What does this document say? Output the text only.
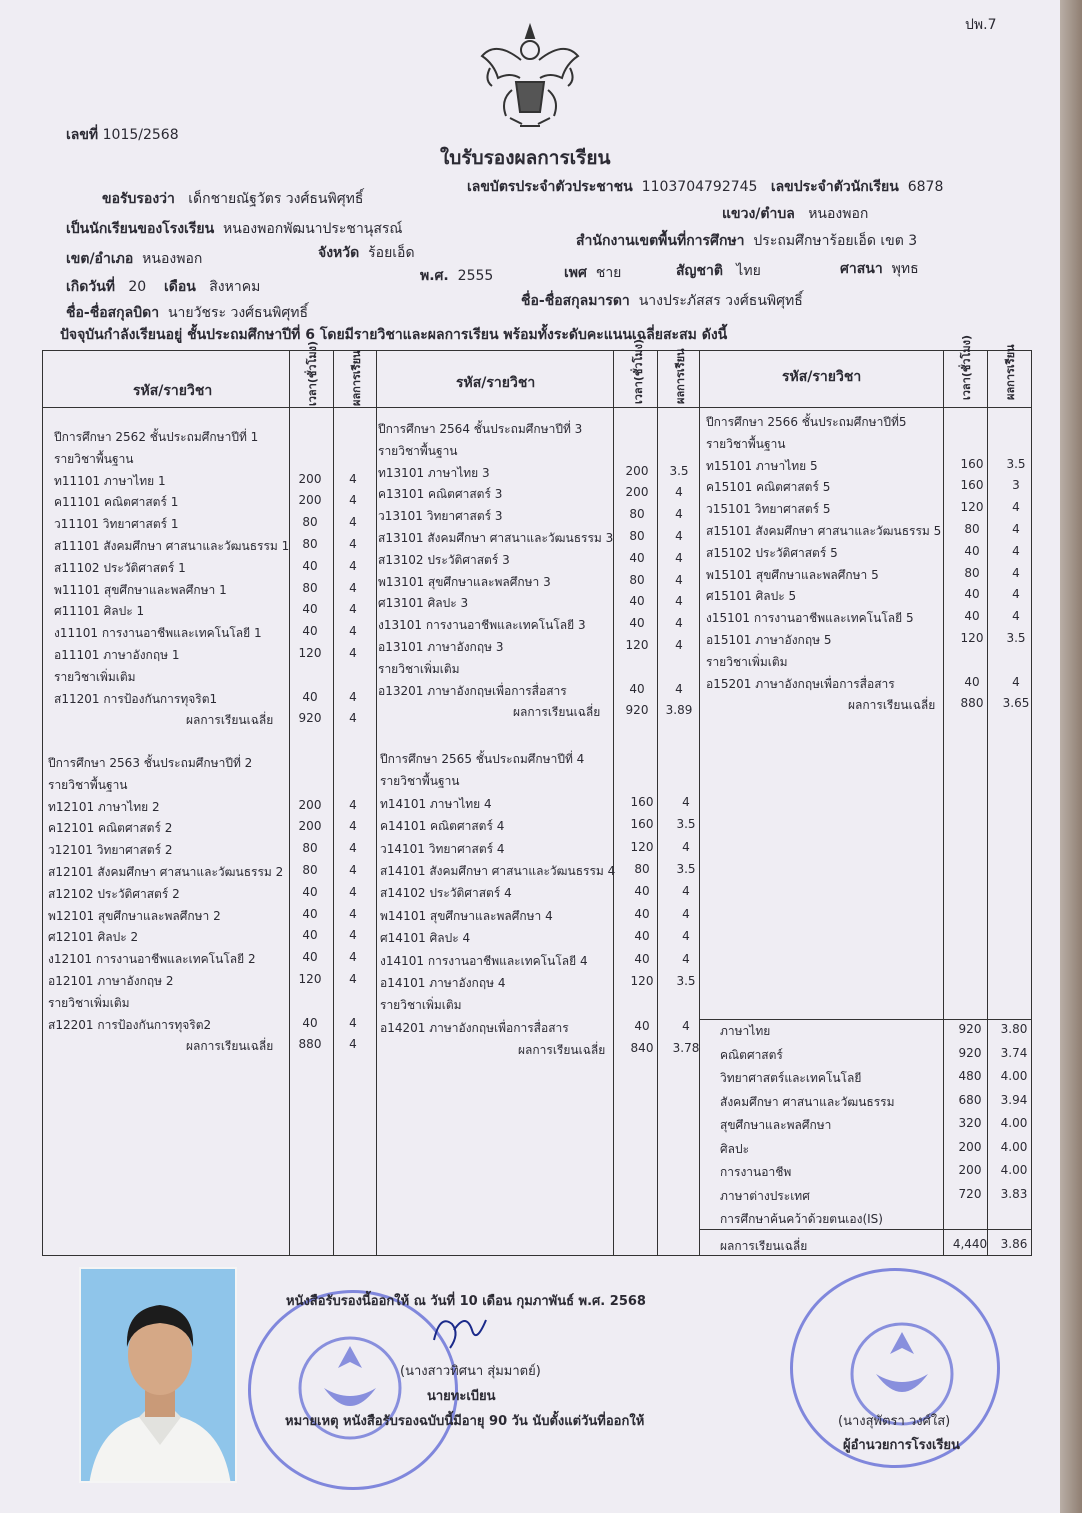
ปพ.7
เลขที่ 1015/2568
ใบรับรองผลการเรียน
ขอรับรองว่า เด็กชายณัฐวัตร วงศ์ธนพิศุทธิ์
เลขบัตรประจำตัวประชาชน 1103704792745 เลขประจำตัวนักเรียน 6878
เป็นนักเรียนของโรงเรียน หนองพอกพัฒนาประชานุสรณ์
แขวง/ตำบล หนองพอก
เขต/อำเภอ หนองพอก	จังหวัด ร้อยเอ็ด
สำนักงานเขตพื้นที่การศึกษา ประถมศึกษาร้อยเอ็ด เขต 3
เกิดวันที่ 20 เดือน สิงหาคม
พ.ศ. 2555	เพศ ชาย	สัญชาติ ไทย	ศาสนา พุทธ
ชื่อ-ชื่อสกุลบิดา นายวัชระ วงศ์ธนพิศุทธิ์
ชื่อ-ชื่อสกุลมารดา นางประภัสสร วงศ์ธนพิศุทธิ์
ปัจจุบันกำลังเรียนอยู่ ชั้นประถมศึกษาปีที่ 6 โดยมีรายวิชาและผลการเรียน พร้อมทั้งระดับคะแนนเฉลี่ยสะสม ดังนี้
รหัส/รายวิชา	เวลา(ชั่วโมง)	ผลการเรียน	รหัส/รายวิชา	เวลา(ชั่วโมง)	ผลการเรียน	รหัส/รายวิชา	เวลา(ชั่วโมง)	ผลการเรียน
ปีการศึกษา 2562 ชั้นประถมศึกษาปีที่ 1
รายวิชาพื้นฐาน
ท11101 ภาษาไทย 1	200	4
ค11101 คณิตศาสตร์ 1	200	4
ว11101 วิทยาศาสตร์ 1	80	4
ส11101 สังคมศึกษา ศาสนาและวัฒนธรรม 1	80	4
ส11102 ประวัติศาสตร์ 1	40	4
พ11101 สุขศึกษาและพลศึกษา 1	80	4
ศ11101 ศิลปะ 1	40	4
ง11101 การงานอาชีพและเทคโนโลยี 1	40	4
อ11101 ภาษาอังกฤษ 1	120	4
รายวิชาเพิ่มเติม
ส11201 การป้องกันการทุจริต1	40	4
ผลการเรียนเฉลี่ย	920	4
ปีการศึกษา 2564 ชั้นประถมศึกษาปีที่ 3
รายวิชาพื้นฐาน
ท13101 ภาษาไทย 3	200	3.5
ค13101 คณิตศาสตร์ 3	200	4
ว13101 วิทยาศาสตร์ 3	80	4
ส13101 สังคมศึกษา ศาสนาและวัฒนธรรม 3	80	4
ส13102 ประวัติศาสตร์ 3	40	4
พ13101 สุขศึกษาและพลศึกษา 3	80	4
ศ13101 ศิลปะ 3	40	4
ง13101 การงานอาชีพและเทคโนโลยี 3	40	4
อ13101 ภาษาอังกฤษ 3	120	4
รายวิชาเพิ่มเติม
อ13201 ภาษาอังกฤษเพื่อการสื่อสาร	40	4
ผลการเรียนเฉลี่ย	920	3.89
ปีการศึกษา 2566 ชั้นประถมศึกษาปีที่5
รายวิชาพื้นฐาน
ท15101 ภาษาไทย 5	160	3.5
ค15101 คณิตศาสตร์ 5	160	3
ว15101 วิทยาศาสตร์ 5	120	4
ส15101 สังคมศึกษา ศาสนาและวัฒนธรรม 5	80	4
ส15102 ประวัติศาสตร์ 5	40	4
พ15101 สุขศึกษาและพลศึกษา 5	80	4
ศ15101 ศิลปะ 5	40	4
ง15101 การงานอาชีพและเทคโนโลยี 5	40	4
อ15101 ภาษาอังกฤษ 5	120	3.5
รายวิชาเพิ่มเติม
อ15201 ภาษาอังกฤษเพื่อการสื่อสาร	40	4
ผลการเรียนเฉลี่ย	880	3.65
ปีการศึกษา 2563 ชั้นประถมศึกษาปีที่ 2
รายวิชาพื้นฐาน
ท12101 ภาษาไทย 2	200	4
ค12101 คณิตศาสตร์ 2	200	4
ว12101 วิทยาศาสตร์ 2	80	4
ส12101 สังคมศึกษา ศาสนาและวัฒนธรรม 2	80	4
ส12102 ประวัติศาสตร์ 2	40	4
พ12101 สุขศึกษาและพลศึกษา 2	40	4
ศ12101 ศิลปะ 2	40	4
ง12101 การงานอาชีพและเทคโนโลยี 2	40	4
อ12101 ภาษาอังกฤษ 2	120	4
รายวิชาเพิ่มเติม
ส12201 การป้องกันการทุจริต2	40	4
ผลการเรียนเฉลี่ย	880	4
ปีการศึกษา 2565 ชั้นประถมศึกษาปีที่ 4
รายวิชาพื้นฐาน
ท14101 ภาษาไทย 4	160	4
ค14101 คณิตศาสตร์ 4	160	3.5
ว14101 วิทยาศาสตร์ 4	120	4
ส14101 สังคมศึกษา ศาสนาและวัฒนธรรม 4	80	3.5
ส14102 ประวัติศาสตร์ 4	40	4
พ14101 สุขศึกษาและพลศึกษา 4	40	4
ศ14101 ศิลปะ 4	40	4
ง14101 การงานอาชีพและเทคโนโลยี 4	40	4
อ14101 ภาษาอังกฤษ 4	120	3.5
รายวิชาเพิ่มเติม
อ14201 ภาษาอังกฤษเพื่อการสื่อสาร	40	4
ผลการเรียนเฉลี่ย	840	3.78
ภาษาไทย	920	3.80
คณิตศาสตร์	920	3.74
วิทยาศาสตร์และเทคโนโลยี	480	4.00
สังคมศึกษา ศาสนาและวัฒนธรรม	680	3.94
สุขศึกษาและพลศึกษา	320	4.00
ศิลปะ	200	4.00
การงานอาชีพ	200	4.00
ภาษาต่างประเทศ	720	3.83
การศึกษาค้นคว้าด้วยตนเอง(IS)
ผลการเรียนเฉลี่ย	4,440	3.86
หนังสือรับรองนี้ออกให้ ณ วันที่ 10 เดือน กุมภาพันธ์ พ.ศ. 2568
(นางสาวทิศนา สุ่มมาตย์)
นายทะเบียน
หมายเหตุ หนังสือรับรองฉบับนี้มีอายุ 90 วัน นับตั้งแต่วันที่ออกให้	(นางสุพัตรา วงศ์ใส)
ผู้อำนวยการโรงเรียน
